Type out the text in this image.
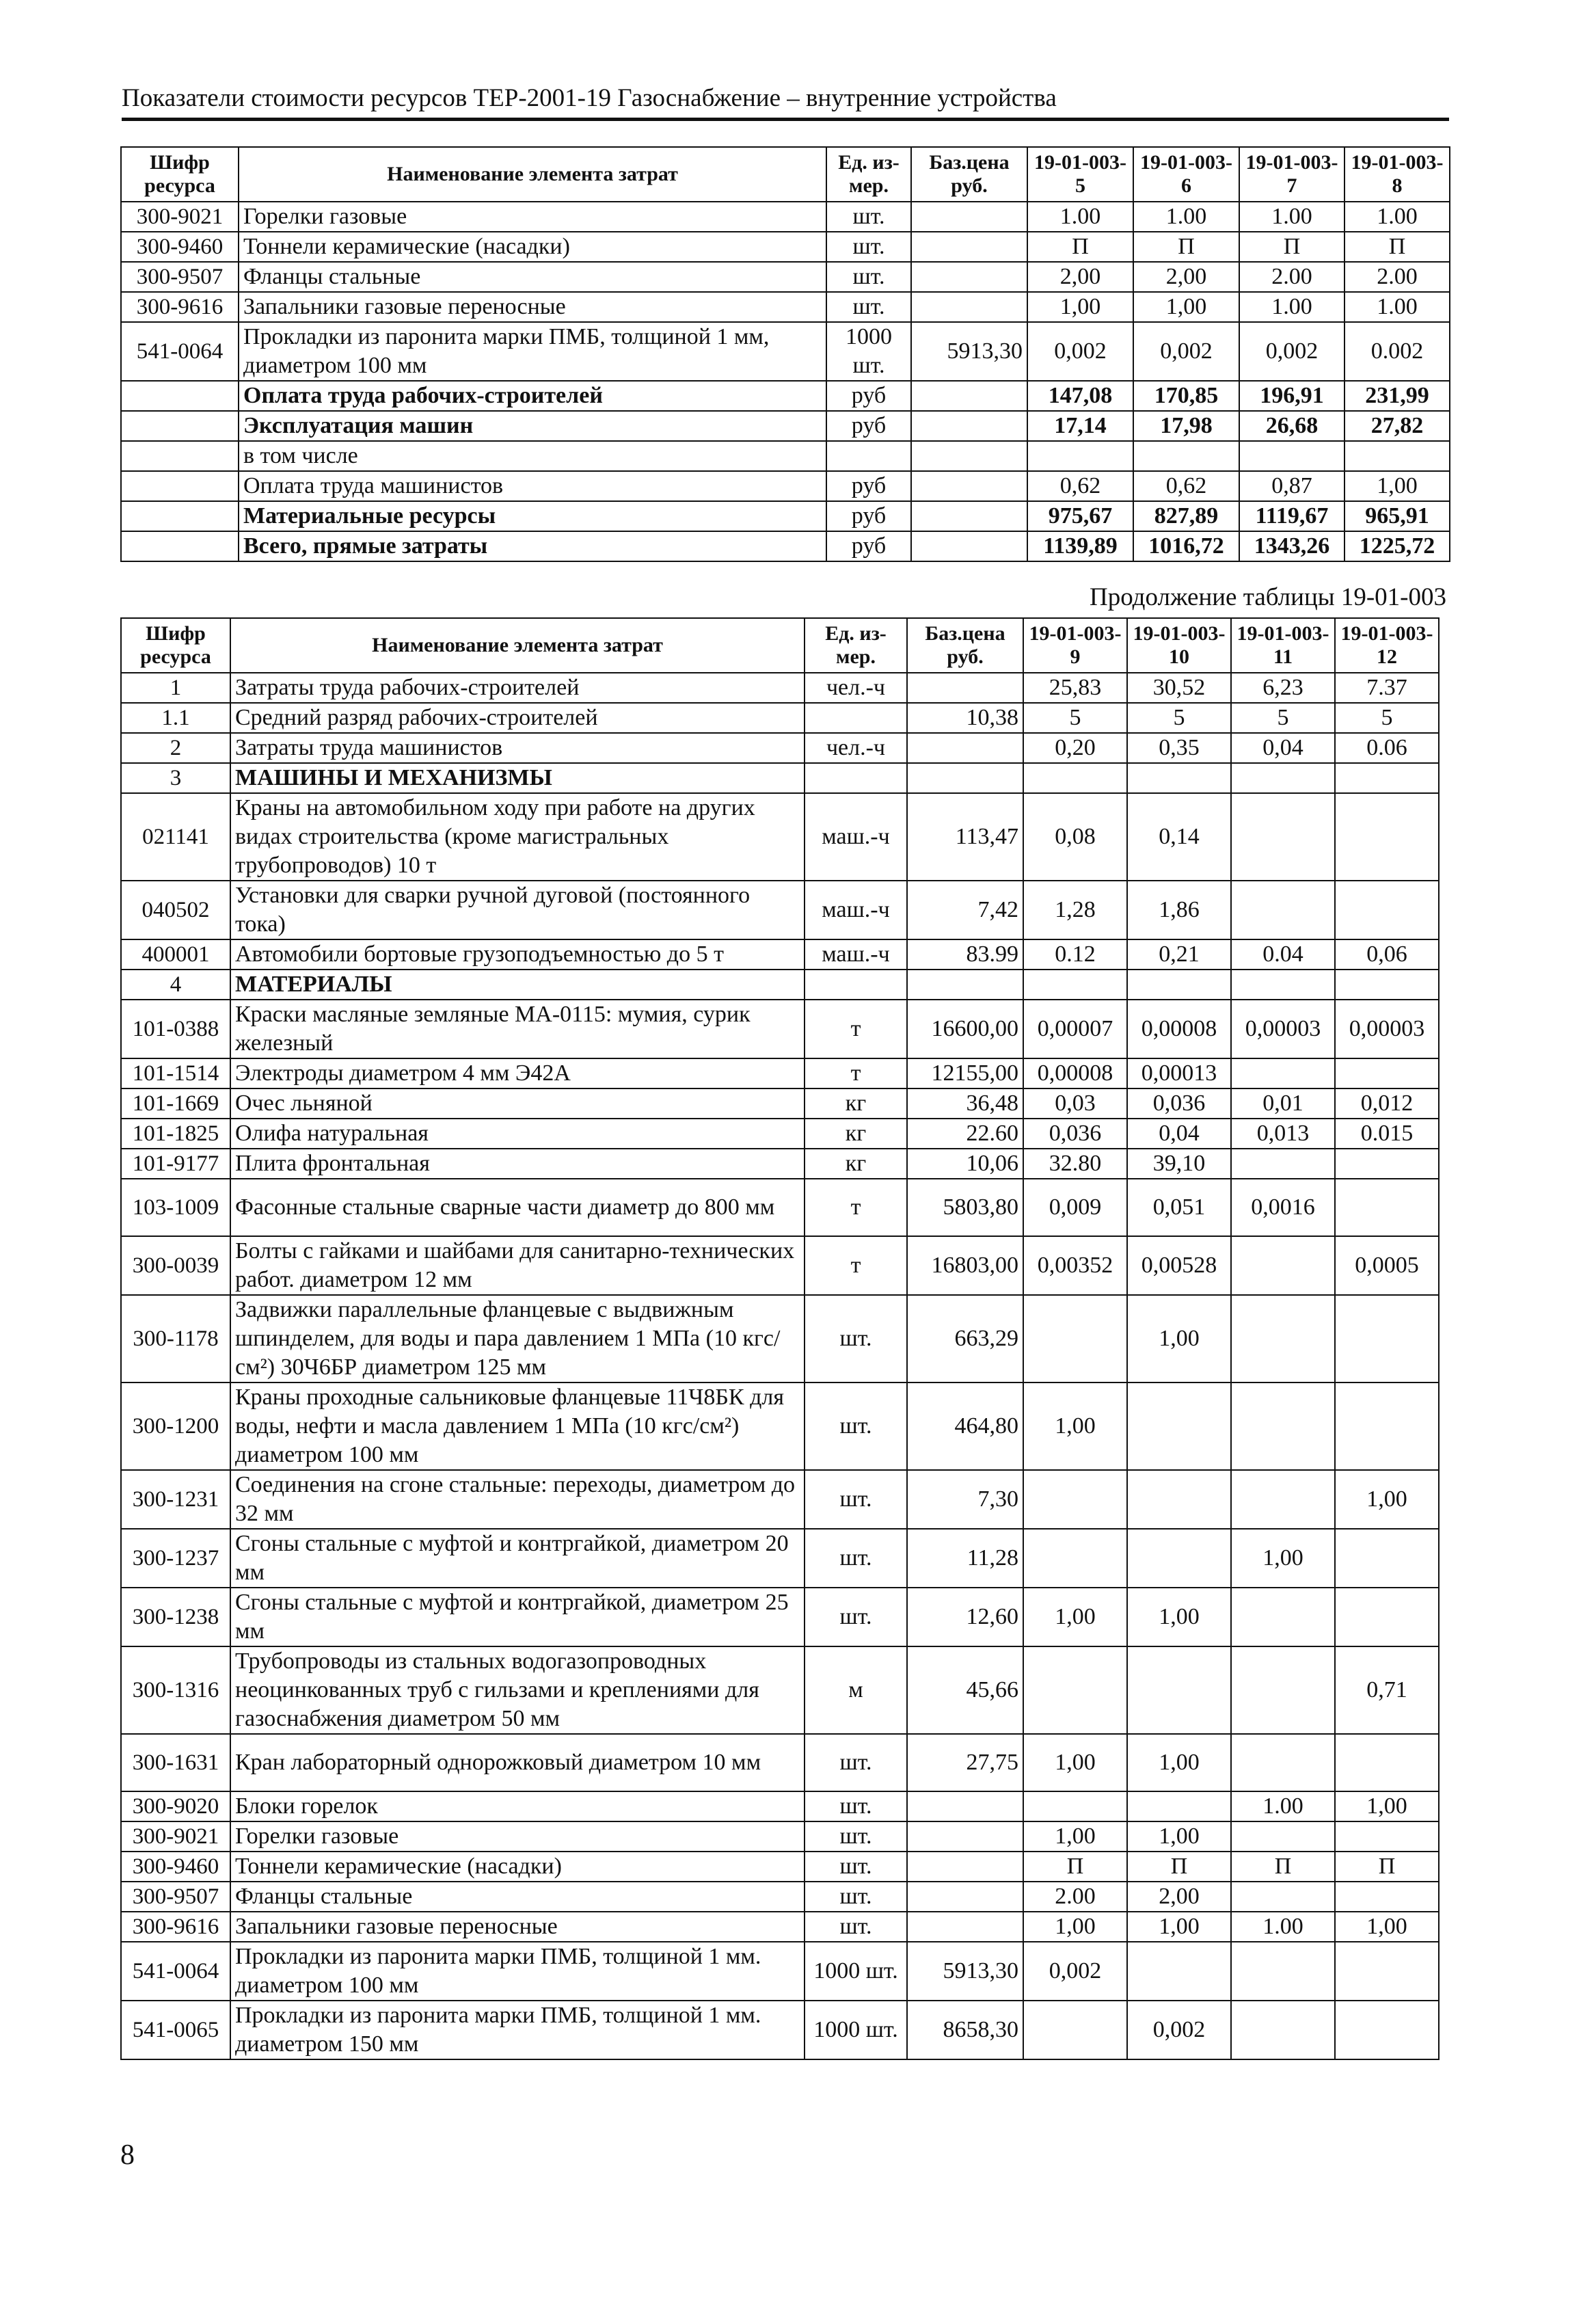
Показатели стоимости ресурсов ТЕР-2001-19 Газоснабжение – внутренние устройства
Шифр ресурса	Наименование элемента затрат	Ед. из-мер.	Баз.цена руб.	19-01-003-5	19-01-003-6	19-01-003-7	19-01-003-8
300-9021	Горелки газовые	шт.		1.00	1.00	1.00	1.00
300-9460	Тоннели керамические (насадки)	шт.		П	П	П	П
300-9507	Фланцы стальные	шт.		2,00	2,00	2.00	2.00
300-9616	Запальники газовые переносные	шт.		1,00	1,00	1.00	1.00
541-0064	Прокладки из паронита марки ПМБ, толщиной 1 мм, диаметром 100 мм	1000 шт.	5913,30	0,002	0,002	0,002	0.002
	Оплата труда рабочих-строителей	руб		147,08	170,85	196,91	231,99
	Эксплуатация машин	руб		17,14	17,98	26,68	27,82
	в том числе						
	Оплата труда машинистов	руб		0,62	0,62	0,87	1,00
	Материальные ресурсы	руб		975,67	827,89	1119,67	965,91
	Всего, прямые затраты	руб		1139,89	1016,72	1343,26	1225,72
Продолжение таблицы 19-01-003
Шифр ресурса	Наименование элемента затрат	Ед. из-мер.	Баз.цена руб.	19-01-003-9	19-01-003-10	19-01-003-11	19-01-003-12
1	Затраты труда рабочих-строителей	чел.-ч		25,83	30,52	6,23	7.37
1.1	Средний разряд рабочих-строителей		10,38	5	5	5	5
2	Затраты труда машинистов	чел.-ч		0,20	0,35	0,04	0.06
3	МАШИНЫ И МЕХАНИЗМЫ						
021141	Краны на автомобильном ходу при работе на других видах строительства (кроме магистральных трубопроводов) 10 т	маш.-ч	113,47	0,08	0,14		
040502	Установки для сварки ручной дуговой (постоянного тока)	маш.-ч	7,42	1,28	1,86		
400001	Автомобили бортовые грузоподъемностью до 5 т	маш.-ч	83.99	0.12	0,21	0.04	0,06
4	МАТЕРИАЛЫ						
101-0388	Краски масляные земляные МА-0115: мумия, сурик железный	т	16600,00	0,00007	0,00008	0,00003	0,00003
101-1514	Электроды диаметром 4 мм Э42А	т	12155,00	0,00008	0,00013		
101-1669	Очес льняной	кг	36,48	0,03	0,036	0,01	0,012
101-1825	Олифа натуральная	кг	22.60	0,036	0,04	0,013	0.015
101-9177	Плита фронтальная	кг	10,06	32.80	39,10		
103-1009	Фасонные стальные сварные части диаметр до 800 мм	т	5803,80	0,009	0,051	0,0016	
300-0039	Болты с гайками и шайбами для санитарно-технических работ. диаметром 12 мм	т	16803,00	0,00352	0,00528		0,0005
300-1178	Задвижки параллельные фланцевые с выдвижным шпинделем, для воды и пара давлением 1 МПа (10 кгс/см²) 30Ч6БР диаметром 125 мм	шт.	663,29		1,00		
300-1200	Краны проходные сальниковые фланцевые 11Ч8БК для воды, нефти и масла давлением 1 МПа (10 кгс/см²) диаметром 100 мм	шт.	464,80	1,00			
300-1231	Соединения на сгоне стальные: переходы, диаметром до 32 мм	шт.	7,30				1,00
300-1237	Сгоны стальные с муфтой и контргайкой, диаметром 20 мм	шт.	11,28			1,00	
300-1238	Сгоны стальные с муфтой и контргайкой, диаметром 25 мм	шт.	12,60	1,00	1,00		
300-1316	Трубопроводы из стальных водогазопроводных неоцинкованных труб с гильзами и креплениями для газоснабжения диаметром 50 мм	м	45,66				0,71
300-1631	Кран лабораторный однорожковый диаметром 10 мм	шт.	27,75	1,00	1,00		
300-9020	Блоки горелок	шт.				1.00	1,00
300-9021	Горелки газовые	шт.		1,00	1,00		
300-9460	Тоннели керамические (насадки)	шт.		П	П	П	П
300-9507	Фланцы стальные	шт.		2.00	2,00		
300-9616	Запальники газовые переносные	шт.		1,00	1,00	1.00	1,00
541-0064	Прокладки из паронита марки ПМБ, толщиной 1 мм. диаметром 100 мм	1000 шт.	5913,30	0,002			
541-0065	Прокладки из паронита марки ПМБ, толщиной 1 мм. диаметром 150 мм	1000 шт.	8658,30		0,002		
8
